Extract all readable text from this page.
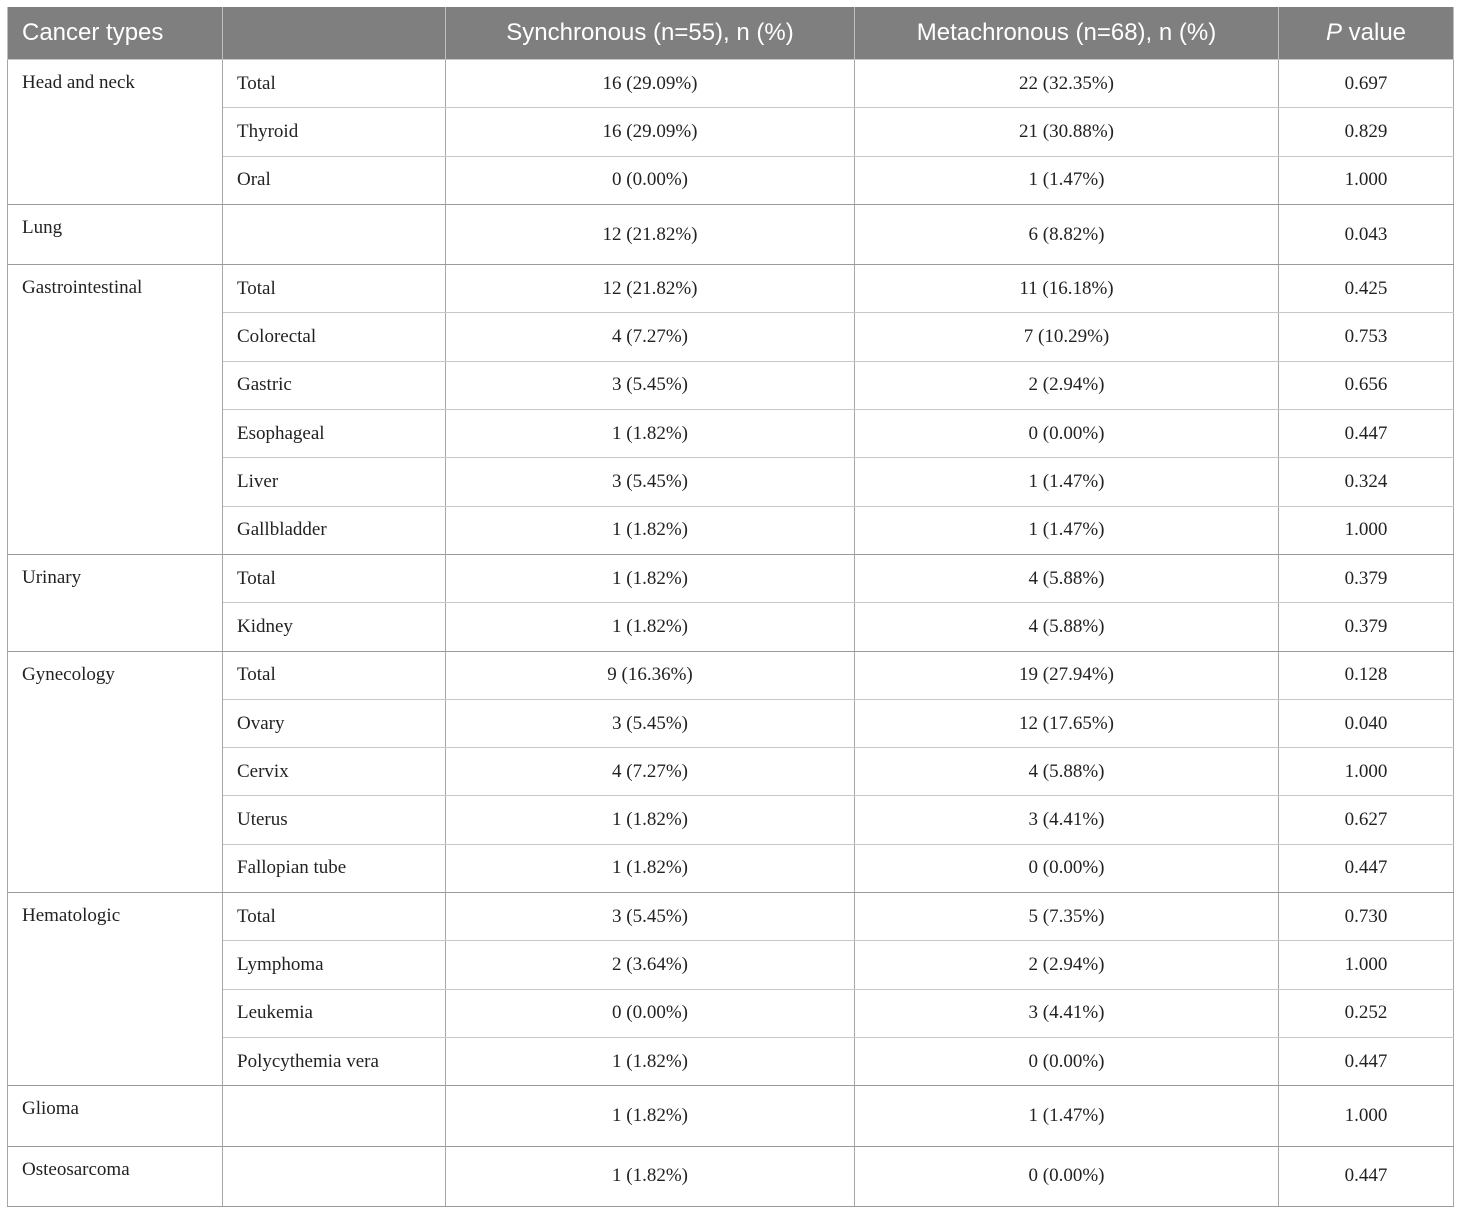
Cancer types		Synchronous (n=55), n (%)	Metachronous (n=68), n (%)	P value
Head and neck	Total	16 (29.09%)	22 (32.35%)	0.697
	Thyroid	16 (29.09%)	21 (30.88%)	0.829
	Oral	0 (0.00%)	1 (1.47%)	1.000
Lung		12 (21.82%)	6 (8.82%)	0.043
Gastrointestinal	Total	12 (21.82%)	11 (16.18%)	0.425
	Colorectal	4 (7.27%)	7 (10.29%)	0.753
	Gastric	3 (5.45%)	2 (2.94%)	0.656
	Esophageal	1 (1.82%)	0 (0.00%)	0.447
	Liver	3 (5.45%)	1 (1.47%)	0.324
	Gallbladder	1 (1.82%)	1 (1.47%)	1.000
Urinary	Total	1 (1.82%)	4 (5.88%)	0.379
	Kidney	1 (1.82%)	4 (5.88%)	0.379
Gynecology	Total	9 (16.36%)	19 (27.94%)	0.128
	Ovary	3 (5.45%)	12 (17.65%)	0.040
	Cervix	4 (7.27%)	4 (5.88%)	1.000
	Uterus	1 (1.82%)	3 (4.41%)	0.627
	Fallopian tube	1 (1.82%)	0 (0.00%)	0.447
Hematologic	Total	3 (5.45%)	5 (7.35%)	0.730
	Lymphoma	2 (3.64%)	2 (2.94%)	1.000
	Leukemia	0 (0.00%)	3 (4.41%)	0.252
	Polycythemia vera	1 (1.82%)	0 (0.00%)	0.447
Glioma		1 (1.82%)	1 (1.47%)	1.000
Osteosarcoma		1 (1.82%)	0 (0.00%)	0.447
